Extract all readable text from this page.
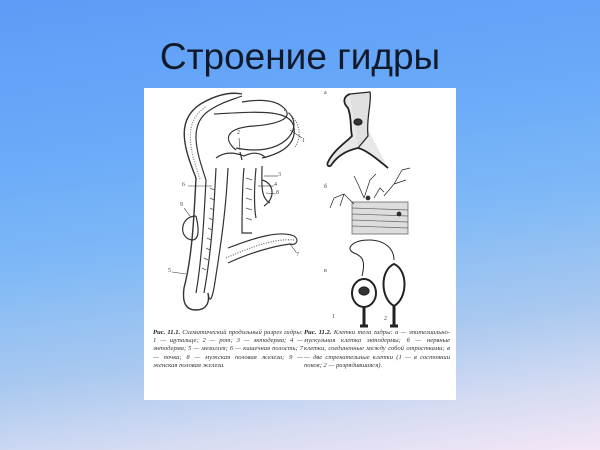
Строение гидры
1
2
3
4
5
6
7
8
9
а
б
в
1	2
Рис. 11.1. Схематический продольный разрез гидры: 1 — щупальце; 2 — рот; 3 — эктодерма; 4 — энтодерма; 5 — мезоглея; 6 — кишечная полость; 7 — почка; 8 — мужская половая железа; 9 — женская половая железа.
Рис. 11.2. Клетки тела гидры: а — эпителиально-мускульная клетка эктодермы; б — нервные клетки, соединенные между собой отростками; в — две стрекательные клетки (1 — в состоянии покоя; 2 — разрядившаяся).
